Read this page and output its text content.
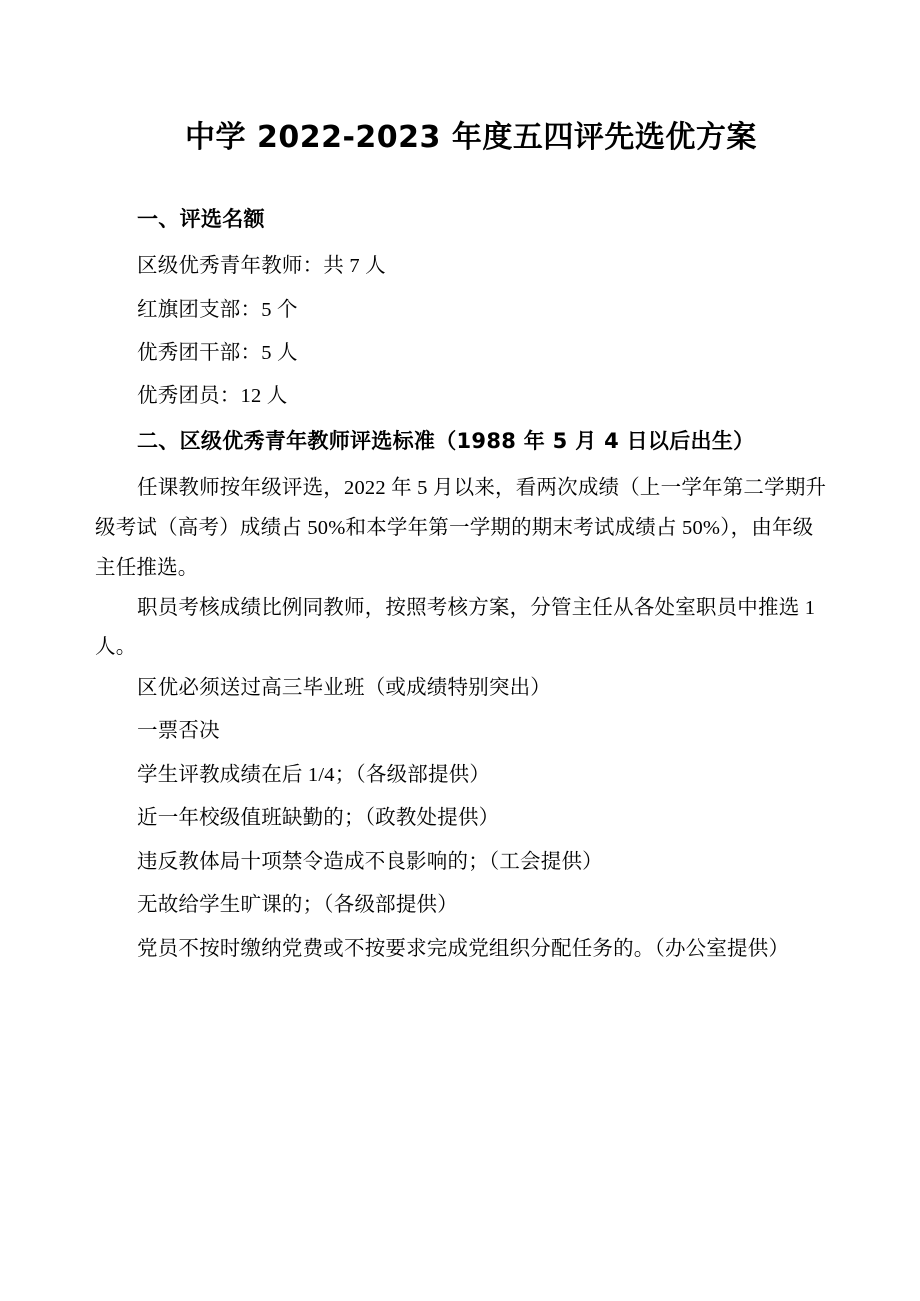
中学 2022-2023 年度五四评先选优方案
一、评选名额

区级优秀青年教师：共 7 人

红旗团支部：5 个

优秀团干部：5 人

优秀团员：12 人

二、区级优秀青年教师评选标准（1988 年 5 月 4 日以后出生）

任课教师按年级评选，2022 年 5 月以来，看两次成绩（上一学年第二学期升级考试（高考）成绩占 50%和本学年第一学期的期末考试成绩占 50%），由年级主任推选。

职员考核成绩比例同教师，按照考核方案，分管主任从各处室职员中推选 1 人。

区优必须送过高三毕业班（或成绩特别突出）

一票否决

学生评教成绩在后 1/4；（各级部提供）

近一年校级值班缺勤的；（政教处提供）

违反教体局十项禁令造成不良影响的；（工会提供）

无故给学生旷课的；（各级部提供）

党员不按时缴纳党费或不按要求完成党组织分配任务的。（办公室提供）
